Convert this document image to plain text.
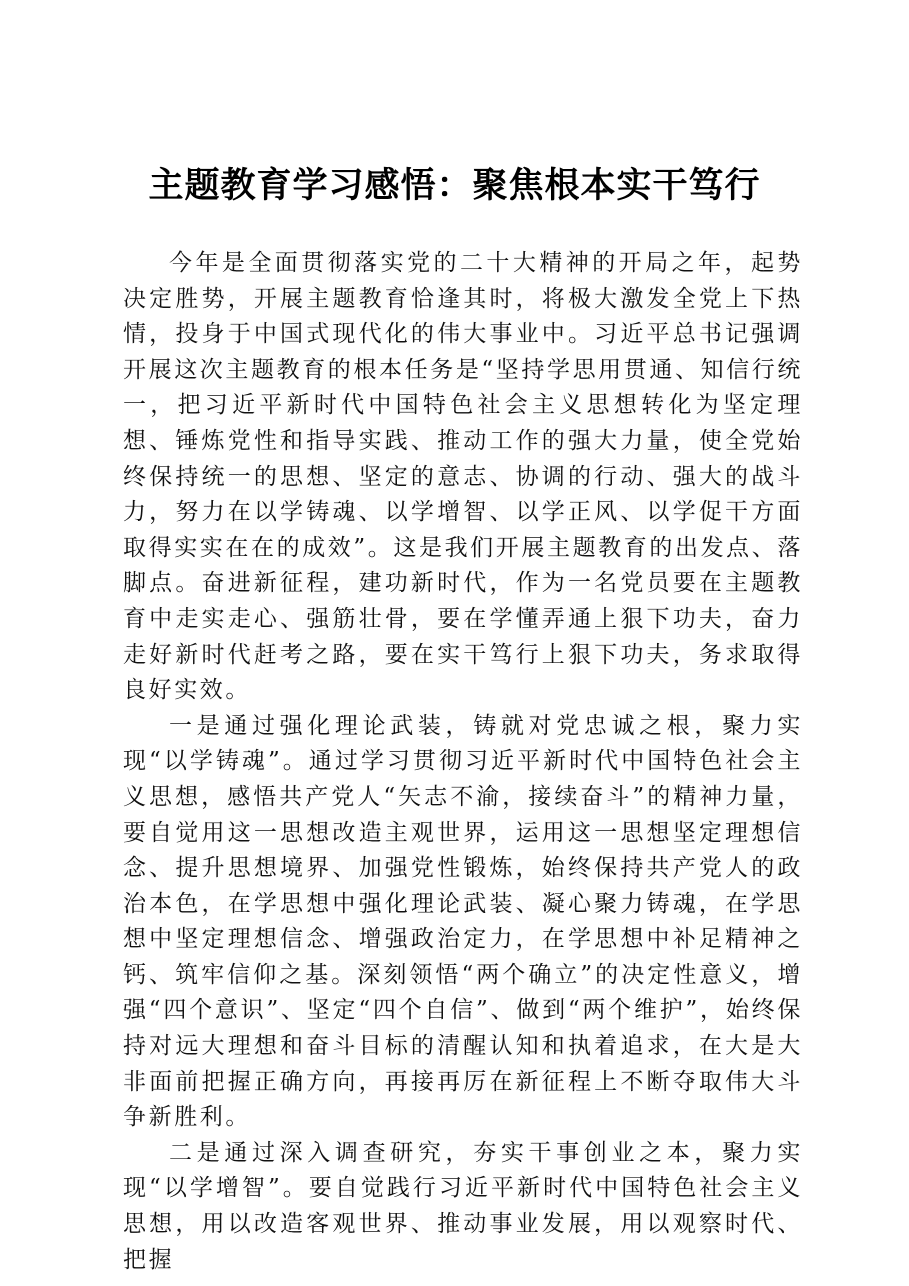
主题教育学习感悟：聚焦根本实干笃行

今年是全面贯彻落实党的二十大精神的开局之年，起势决定胜势，开展主题教育恰逢其时，将极大激发全党上下热情，投身于中国式现代化的伟大事业中。习近平总书记强调开展这次主题教育的根本任务是“坚持学思用贯通、知信行统一，把习近平新时代中国特色社会主义思想转化为坚定理想、锤炼党性和指导实践、推动工作的强大力量，使全党始终保持统一的思想、坚定的意志、协调的行动、强大的战斗力，努力在以学铸魂、以学增智、以学正风、以学促干方面取得实实在在的成效”。这是我们开展主题教育的出发点、落脚点。奋进新征程，建功新时代，作为一名党员要在主题教育中走实走心、强筋壮骨，要在学懂弄通上狠下功夫，奋力走好新时代赶考之路，要在实干笃行上狠下功夫，务求取得良好实效。

一是通过强化理论武装，铸就对党忠诚之根，聚力实现“以学铸魂”。通过学习贯彻习近平新时代中国特色社会主义思想，感悟共产党人“矢志不渝，接续奋斗”的精神力量，要自觉用这一思想改造主观世界，运用这一思想坚定理想信念、提升思想境界、加强党性锻炼，始终保持共产党人的政治本色，在学思想中强化理论武装、凝心聚力铸魂，在学思想中坚定理想信念、增强政治定力，在学思想中补足精神之钙、筑牢信仰之基。深刻领悟“两个确立”的决定性意义，增强“四个意识”、坚定“四个自信”、做到“两个维护”，始终保持对远大理想和奋斗目标的清醒认知和执着追求，在大是大非面前把握正确方向，再接再厉在新征程上不断夺取伟大斗争新胜利。

二是通过深入调查研究，夯实干事创业之本，聚力实现“以学增智”。要自觉践行习近平新时代中国特色社会主义思想，用以改造客观世界、推动事业发展，用以观察时代、把握
